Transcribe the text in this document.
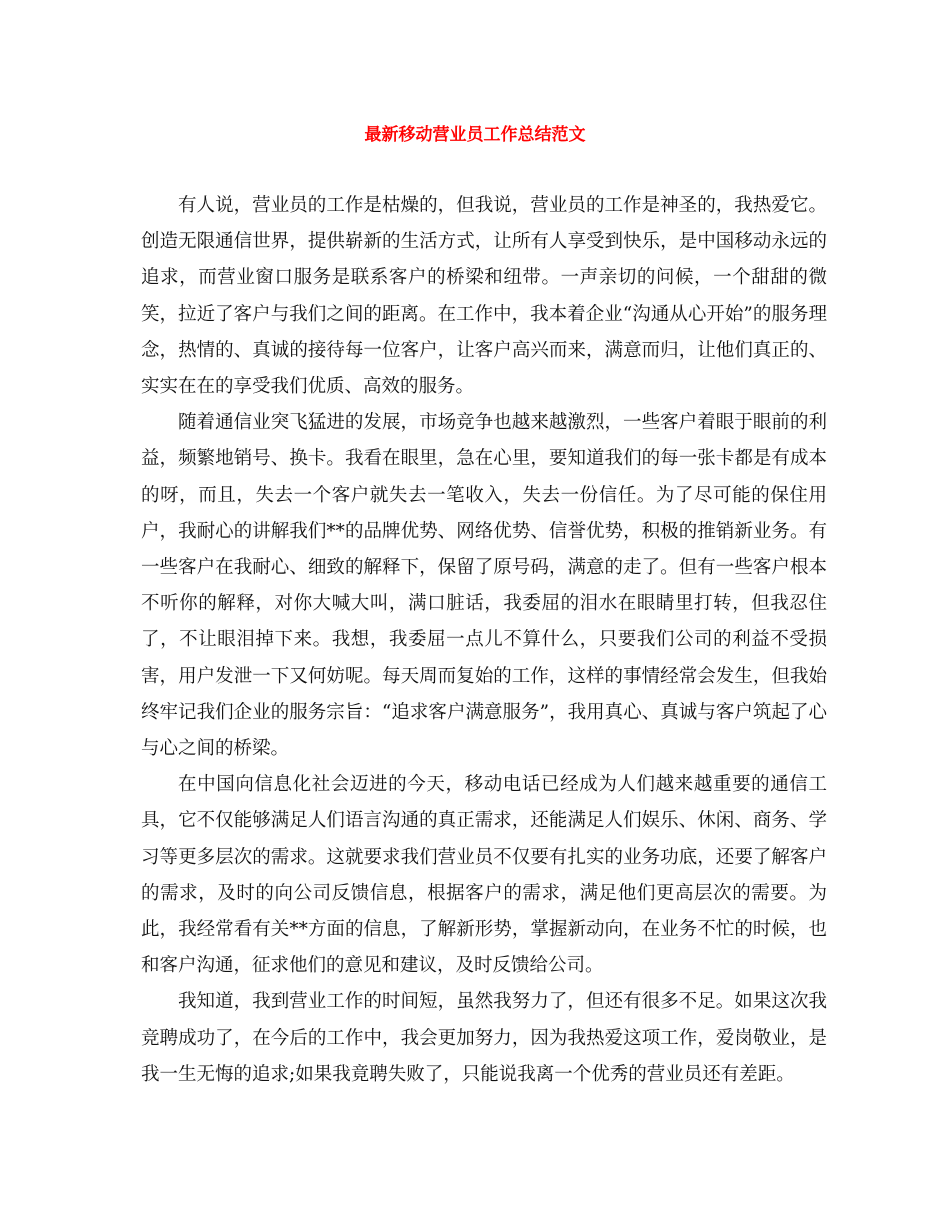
最新移动营业员工作总结范文

有人说，营业员的工作是枯燥的，但我说，营业员的工作是神圣的，我热爱它。创造无限通信世界，提供崭新的生活方式，让所有人享受到快乐，是中国移动永远的追求，而营业窗口服务是联系客户的桥梁和纽带。一声亲切的问候，一个甜甜的微笑，拉近了客户与我们之间的距离。在工作中，我本着企业“沟通从心开始”的服务理念，热情的、真诚的接待每一位客户，让客户高兴而来，满意而归，让他们真正的、实实在在的享受我们优质、高效的服务。

随着通信业突飞猛进的发展，市场竞争也越来越激烈，一些客户着眼于眼前的利益，频繁地销号、换卡。我看在眼里，急在心里，要知道我们的每一张卡都是有成本的呀，而且，失去一个客户就失去一笔收入，失去一份信任。为了尽可能的保住用户，我耐心的讲解我们**的品牌优势、网络优势、信誉优势，积极的推销新业务。有一些客户在我耐心、细致的解释下，保留了原号码，满意的走了。但有一些客户根本不听你的解释，对你大喊大叫，满口脏话，我委屈的泪水在眼睛里打转，但我忍住了，不让眼泪掉下来。我想，我委屈一点儿不算什么，只要我们公司的利益不受损害，用户发泄一下又何妨呢。每天周而复始的工作，这样的事情经常会发生，但我始终牢记我们企业的服务宗旨：“追求客户满意服务”，我用真心、真诚与客户筑起了心与心之间的桥梁。

在中国向信息化社会迈进的今天，移动电话已经成为人们越来越重要的通信工具，它不仅能够满足人们语言沟通的真正需求，还能满足人们娱乐、休闲、商务、学习等更多层次的需求。这就要求我们营业员不仅要有扎实的业务功底，还要了解客户的需求，及时的向公司反馈信息，根据客户的需求，满足他们更高层次的需要。为此，我经常看有关**方面的信息，了解新形势，掌握新动向，在业务不忙的时候，也和客户沟通，征求他们的意见和建议，及时反馈给公司。

我知道，我到营业工作的时间短，虽然我努力了，但还有很多不足。如果这次我竞聘成功了，在今后的工作中，我会更加努力，因为我热爱这项工作，爱岗敬业，是我一生无悔的追求;如果我竟聘失败了，只能说我离一个优秀的营业员还有差距。
